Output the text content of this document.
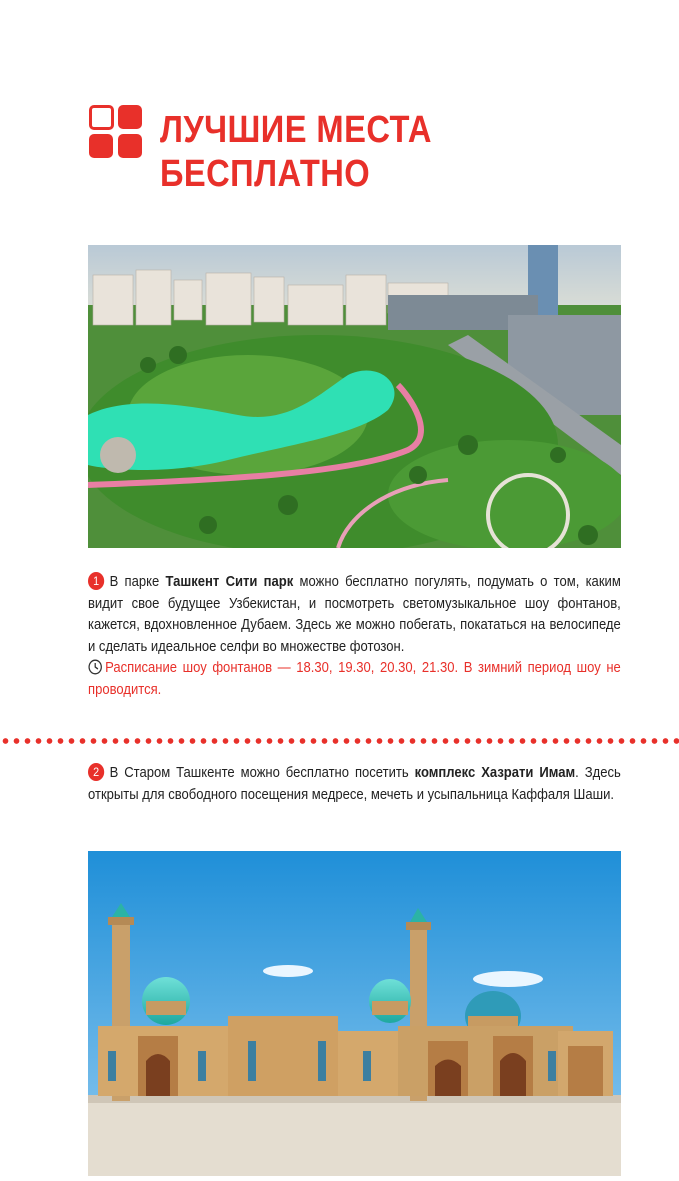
ЛУЧШИЕ МЕСТА
БЕСПЛАТНО

1 В парке Ташкент Сити парк можно бесплатно погулять, подумать о том, каким видит свое будущее Узбекистан, и посмотреть светомузыкальное шоу фонтанов, кажется, вдохновленное Дубаем. Здесь же можно побегать, покататься на велосипеде и сделать идеальное селфи во множестве фотозон.
Расписание шоу фонтанов — 18.30, 19.30, 20.30, 21.30. В зимний период шоу не проводится.

2 В Старом Ташкенте можно бесплатно посетить комплекс Хазрати Имам. Здесь открыты для свободного посещения медресе, мечеть и усыпальница Каффаля Шаши.
